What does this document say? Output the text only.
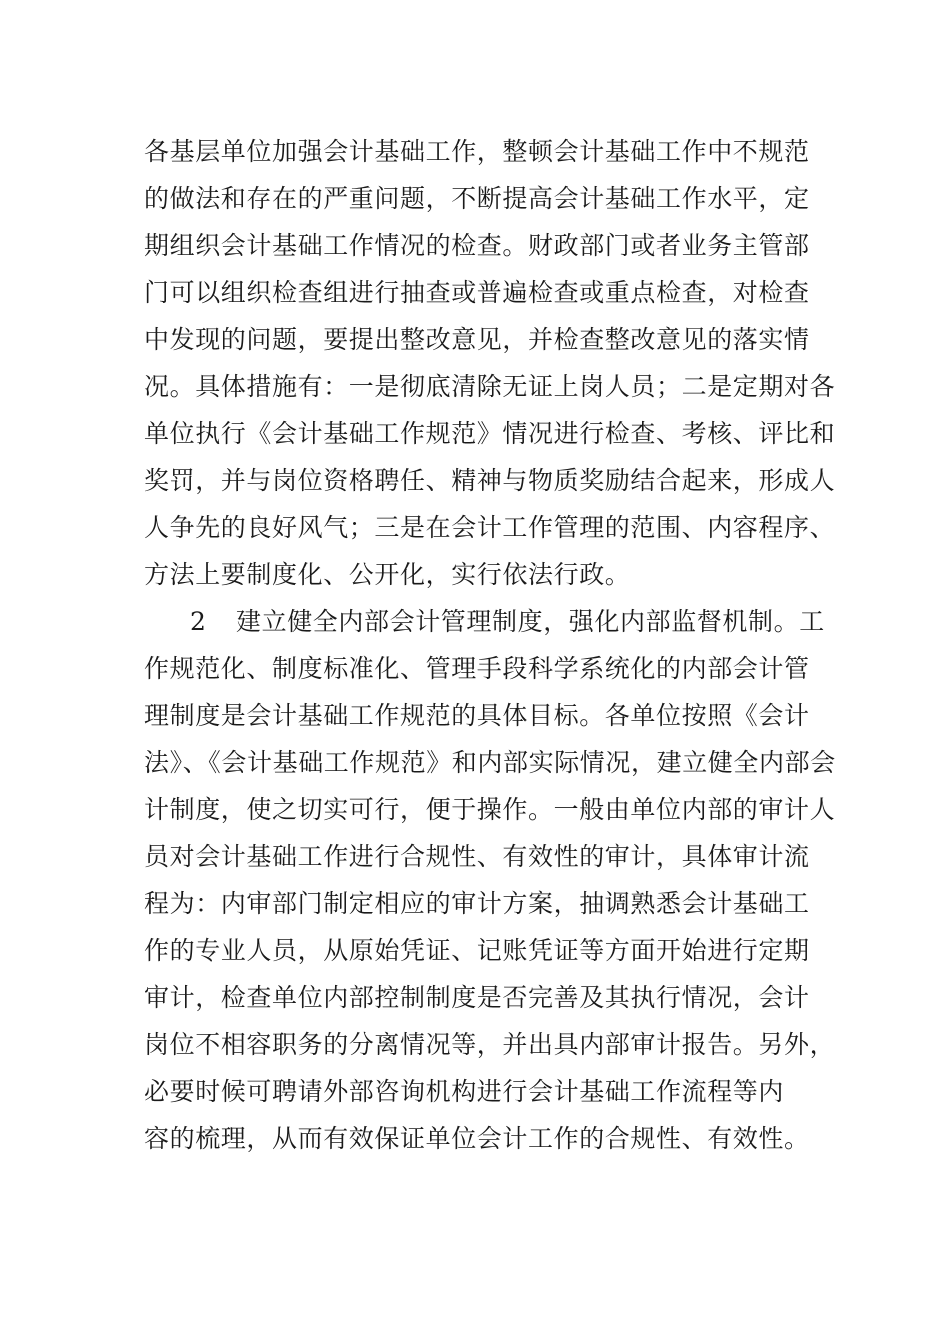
各基层单位加强会计基础工作，整顿会计基础工作中不规范
的做法和存在的严重问题，不断提高会计基础工作水平，定
期组织会计基础工作情况的检查。财政部门或者业务主管部
门可以组织检查组进行抽查或普遍检查或重点检查，对检查
中发现的问题，要提出整改意见，并检查整改意见的落实情
况。具体措施有：一是彻底清除无证上岗人员；二是定期对各
单位执行《会计基础工作规范》情况进行检查、考核、评比和
奖罚，并与岗位资格聘任、精神与物质奖励结合起来，形成人
人争先的良好风气；三是在会计工作管理的范围、内容程序、
方法上要制度化、公开化，实行依法行政。
2 建立健全内部会计管理制度，强化内部监督机制。工
作规范化、制度标准化、管理手段科学系统化的内部会计管
理制度是会计基础工作规范的具体目标。各单位按照《会计
法》、《会计基础工作规范》和内部实际情况，建立健全内部会
计制度，使之切实可行，便于操作。一般由单位内部的审计人
员对会计基础工作进行合规性、有效性的审计，具体审计流
程为：内审部门制定相应的审计方案，抽调熟悉会计基础工
作的专业人员，从原始凭证、记账凭证等方面开始进行定期
审计，检查单位内部控制制度是否完善及其执行情况，会计
岗位不相容职务的分离情况等，并出具内部审计报告。另外，
必要时候可聘请外部咨询机构进行会计基础工作流程等内
容的梳理，从而有效保证单位会计工作的合规性、有效性。
